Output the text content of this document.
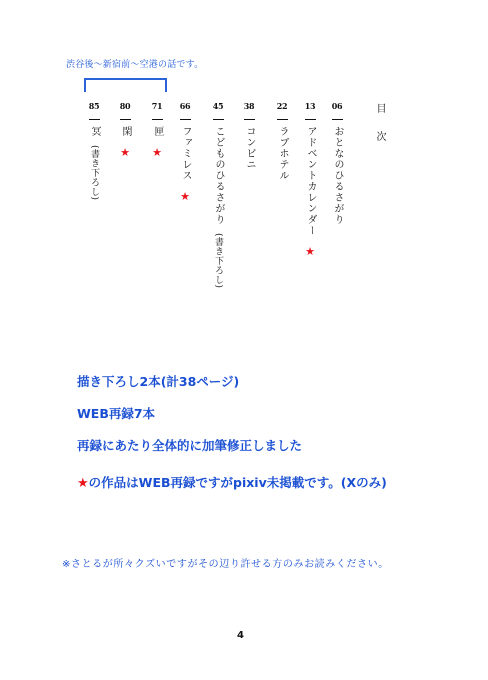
渋谷後〜新宿前〜空港の話です。
目次
06
おとなのひるさがり
13
アドベントカレンダー
★
22
ラブホテル
38
コンビニ
45
こどものひるさがり
(書き下ろし)
66
ファミレス
★
71
匣
★
80
閑
★
85
冥
(書き下ろし)
描き下ろし2本(計38ページ)
WEB再録7本
再録にあたり全体的に加筆修正しました
★の作品はWEB再録ですがpixiv未掲載です。(Xのみ)
※さとるが所々クズいですがその辺り許せる方のみお読みください。
4
